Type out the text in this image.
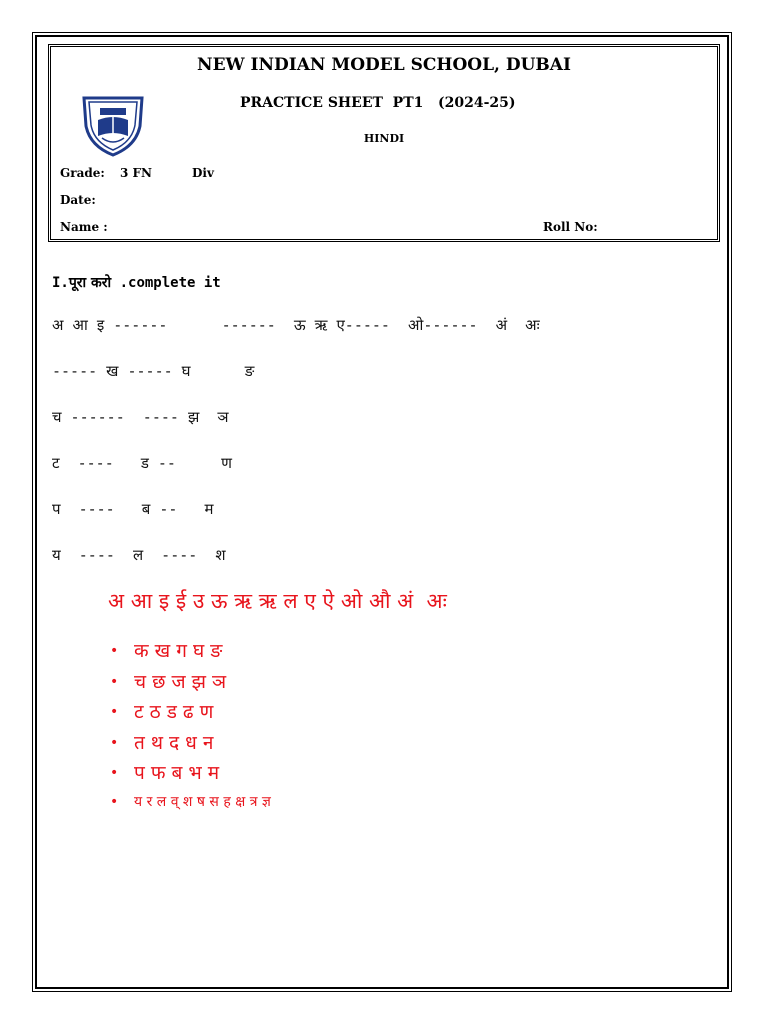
NEW INDIAN MODEL SCHOOL, DUBAI
PRACTICE SHEET  PT1   (2024-25)
HINDI
Grade: 3 FN	Div
Date:
Name :	Roll No:
I.पूरा करो .complete it
अ आ इ ------      ------  ऊ ऋ ए-----  ओ------  अं  अः
----- ख ----- घ      ङ
च ------  ---- झ  ञ
ट  ----   ड --     ण
प  ----   ब --   म
य  ----  ल  ----  श
अ आ इ ई उ ऊ ऋ ऋ ल ए ऐ ओ औ अं  अः
• क ख ग घ ङ
• च छ ज झ ञ
• ट ठ ड ढ ण
• त थ द ध न
• प फ ब भ म
• य र ल व् श ष स ह क्ष त्र ज्ञ
